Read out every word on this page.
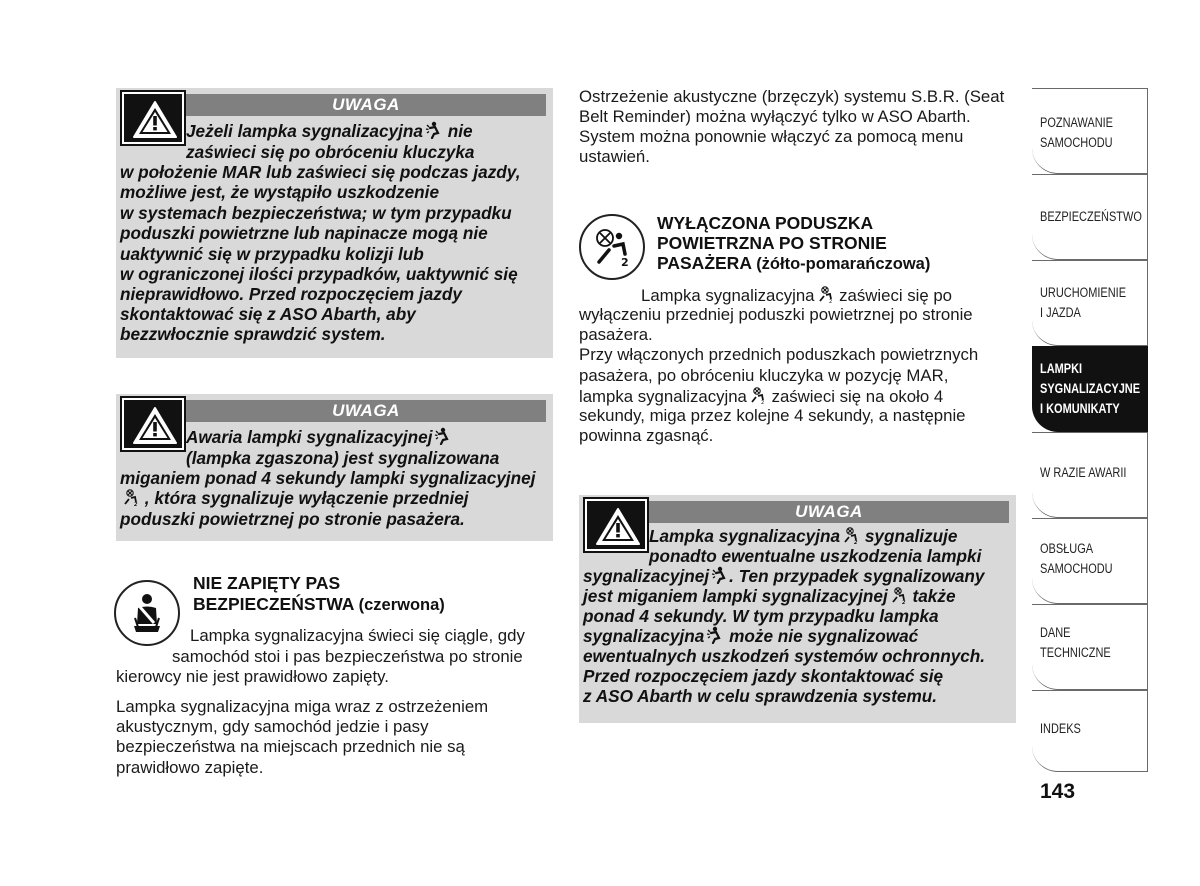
UWAGA
Jeżeli lampka sygnalizacyjna nie
zaświeci się po obróceniu kluczyka
w położenie MAR lub zaświeci się podczas jazdy,
możliwe jest, że wystąpiło uszkodzenie
w systemach bezpieczeństwa; w tym przypadku
poduszki powietrzne lub napinacze mogą nie
uaktywnić się w przypadku kolizji lub
w ograniczonej ilości przypadków, uaktywnić się
nieprawidłowo. Przed rozpoczęciem jazdy
skontaktować się z ASO Abarth, aby
bezzwłocznie sprawdzić system.
UWAGA
Awaria lampki sygnalizacyjnej
(lampka zgaszona) jest sygnalizowana
miganiem ponad 4 sekundy lampki sygnalizacyjnej
, która sygnalizuje wyłączenie przedniej
poduszki powietrznej po stronie pasażera.
NIE ZAPIĘTY PAS
BEZPIECZEŃSTWA (czerwona)
Lampka sygnalizacyjna świeci się ciągle, gdy
samochód stoi i pas bezpieczeństwa po stronie
kierowcy nie jest prawidłowo zapięty.
Lampka sygnalizacyjna miga wraz z ostrzeżeniem
akustycznym, gdy samochód jedzie i pasy
bezpieczeństwa na miejscach przednich nie są
prawidłowo zapięte.
Ostrzeżenie akustyczne (brzęczyk) systemu S.B.R. (Seat
Belt Reminder) można wyłączyć tylko w ASO Abarth.
System można ponownie włączyć za pomocą menu
ustawień.
2
WYŁĄCZONA PODUSZKA
POWIETRZNA PO STRONIE
PASAŻERA (żółto-pomarańczowa)
Lampka sygnalizacyjna zaświeci się po
wyłączeniu przedniej poduszki powietrznej po stronie
pasażera.
Przy włączonych przednich poduszkach powietrznych
pasażera, po obróceniu kluczyka w pozycję MAR,
lampka sygnalizacyjna zaświeci się na około 4
sekundy, miga przez kolejne 4 sekundy, a następnie
powinna zgasnąć.
UWAGA
Lampka sygnalizacyjna sygnalizuje
ponadto ewentualne uszkodzenia lampki
sygnalizacyjnej . Ten przypadek sygnalizowany
jest miganiem lampki sygnalizacyjnej także
ponad 4 sekundy. W tym przypadku lampka
sygnalizacyjna może nie sygnalizować
ewentualnych uszkodzeń systemów ochronnych.
Przed rozpoczęciem jazdy skontaktować się
z ASO Abarth w celu sprawdzenia systemu.
POZNAWANIE
SAMOCHODU
BEZPIECZEŃSTWO
URUCHOMIENIE
I JAZDA
LAMPKI
SYGNALIZACYJNE
I KOMUNIKATY
W RAZIE AWARII
OBSŁUGA
SAMOCHODU
DANE
TECHNICZNE
INDEKS
143
